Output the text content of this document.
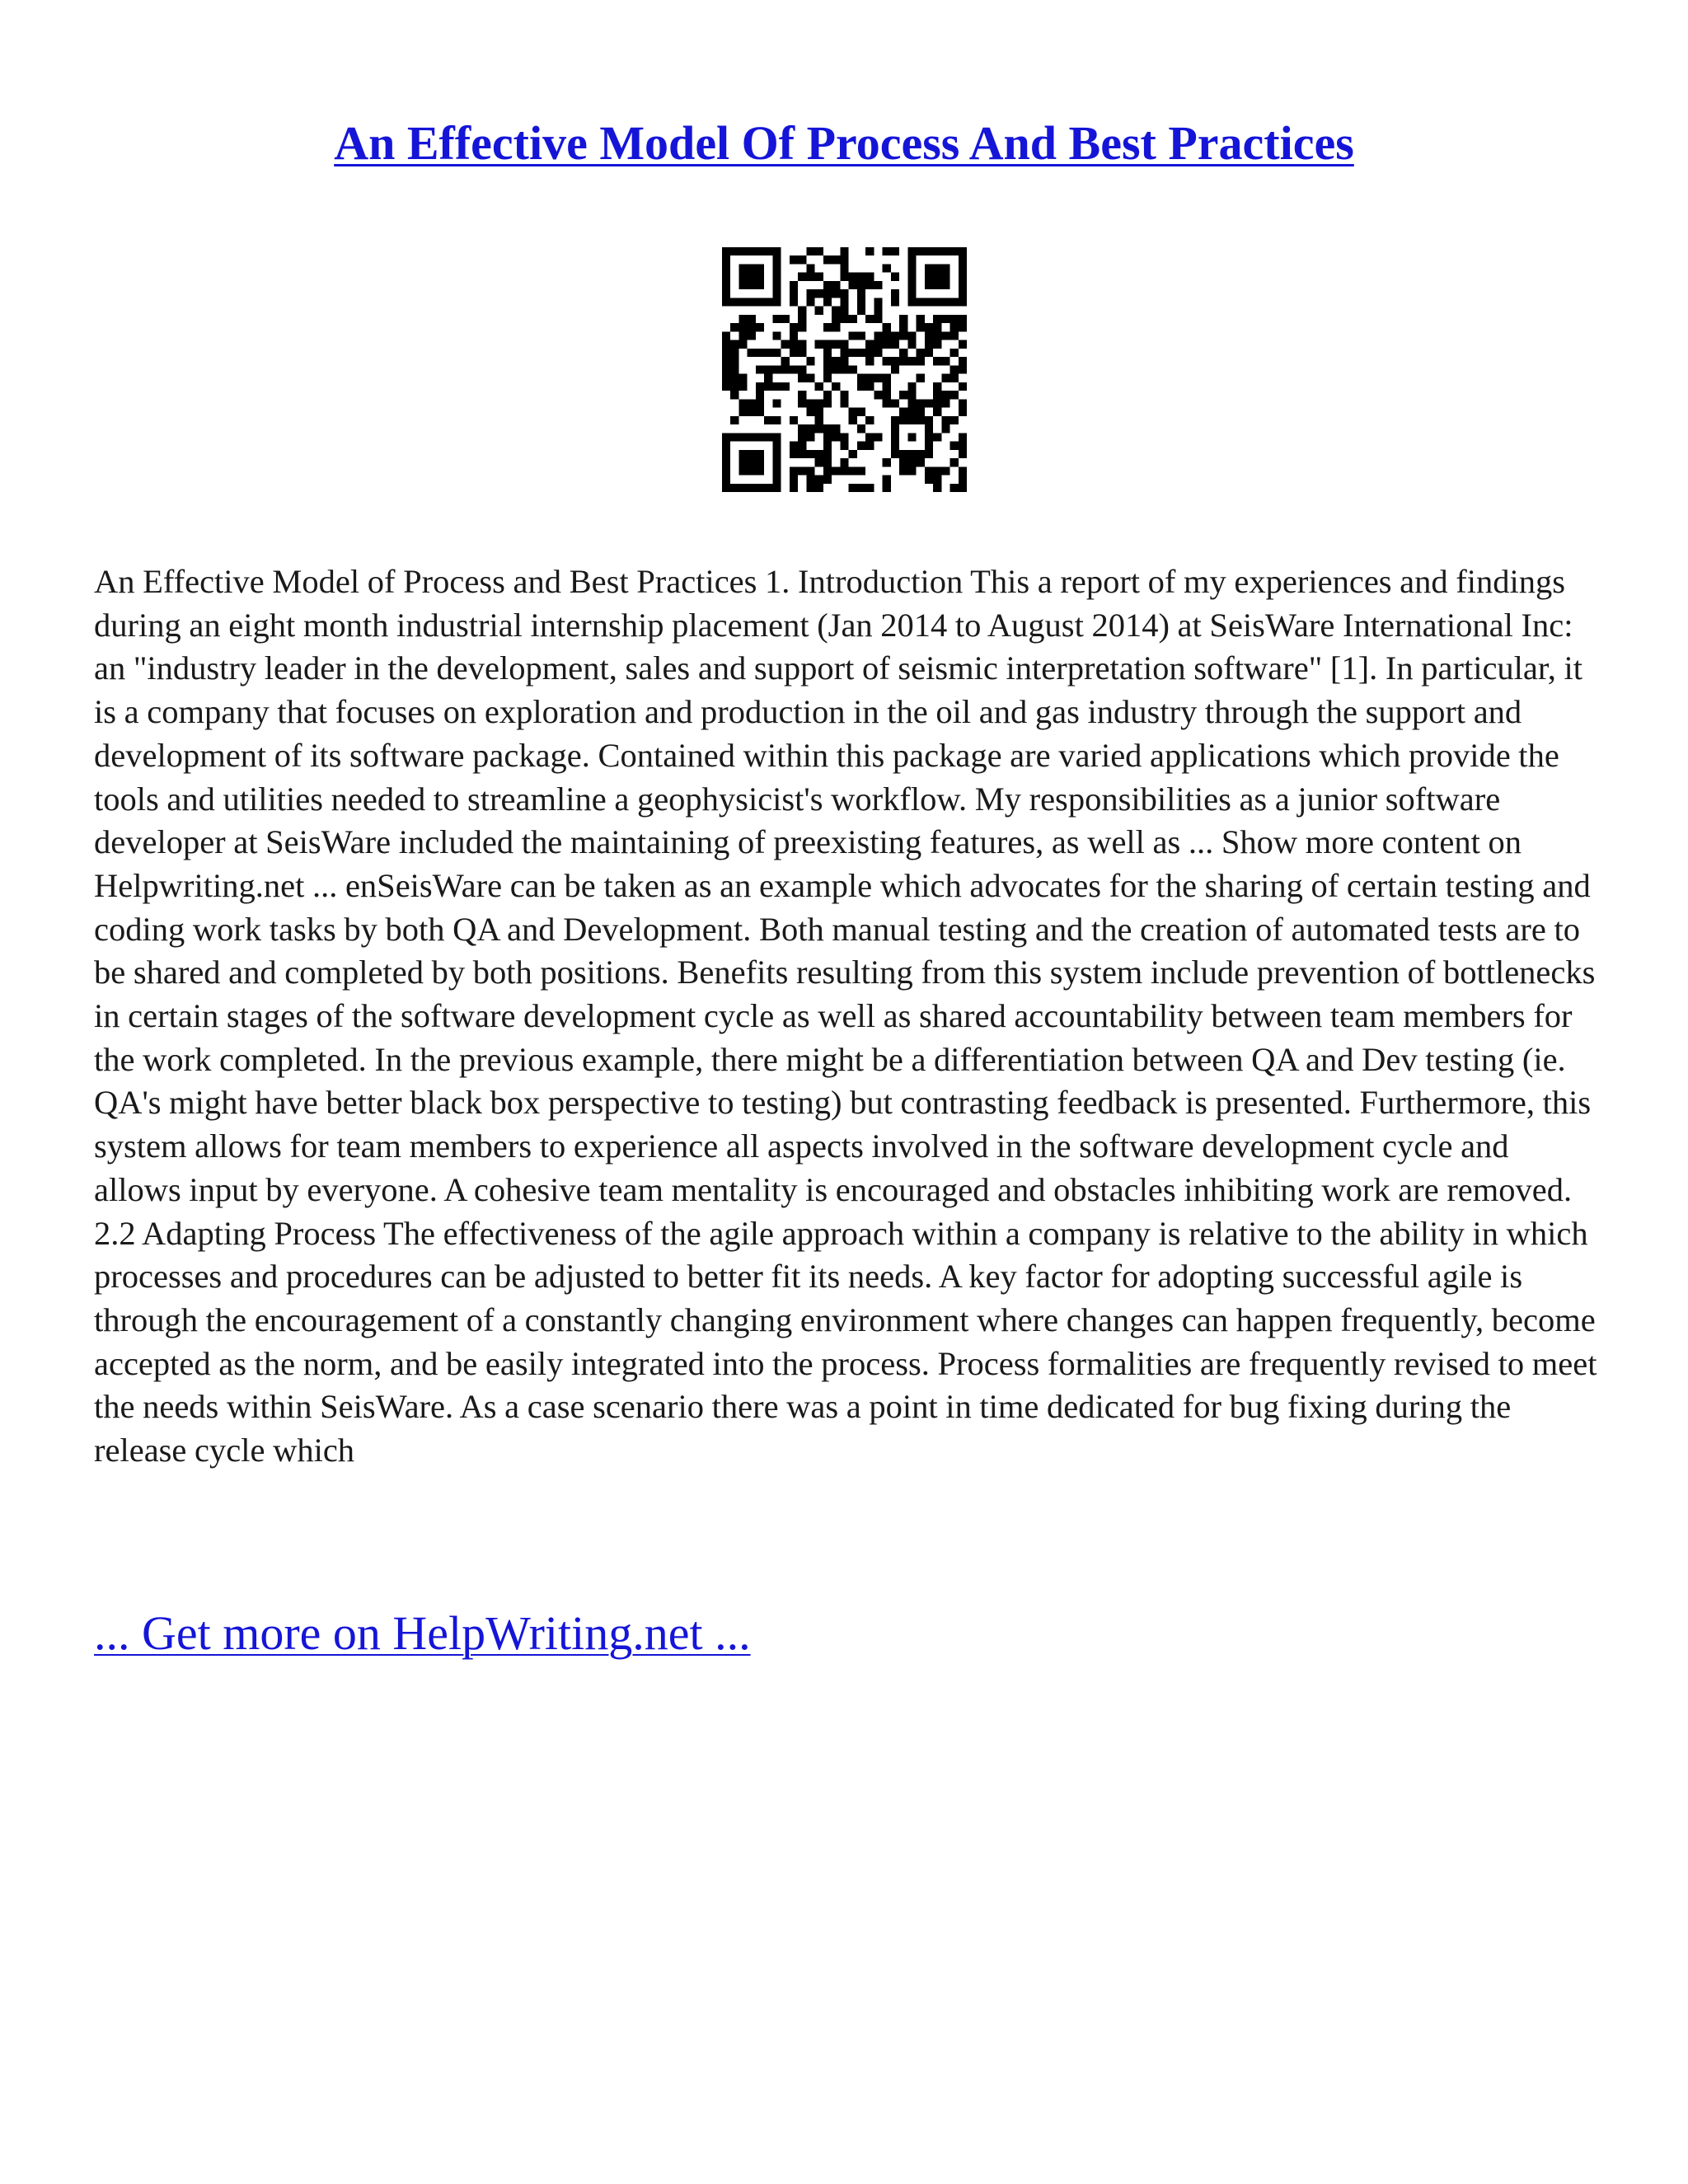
An Effective Model Of Process And Best Practices

An Effective Model of Process and Best Practices 1. Introduction This a report of my experiences and findings during an eight month industrial internship placement (Jan 2014 to August 2014) at SeisWare International Inc: an "industry leader in the development, sales and support of seismic interpretation software" [1]. In particular, it is a company that focuses on exploration and production in the oil and gas industry through the support and development of its software package. Contained within this package are varied applications which provide the tools and utilities needed to streamline a geophysicist's workflow. My responsibilities as a junior software developer at SeisWare included the maintaining of preexisting features, as well as ... Show more content on Helpwriting.net ... enSeisWare can be taken as an example which advocates for the sharing of certain testing and coding work tasks by both QA and Development. Both manual testing and the creation of automated tests are to be shared and completed by both positions. Benefits resulting from this system include prevention of bottlenecks in certain stages of the software development cycle as well as shared accountability between team members for the work completed. In the previous example, there might be a differentiation between QA and Dev testing (ie. QA's might have better black box perspective to testing) but contrasting feedback is presented. Furthermore, this system allows for team members to experience all aspects involved in the software development cycle and allows input by everyone. A cohesive team mentality is encouraged and obstacles inhibiting work are removed. 2.2 Adapting Process The effectiveness of the agile approach within a company is relative to the ability in which processes and procedures can be adjusted to better fit its needs. A key factor for adopting successful agile is through the encouragement of a constantly changing environment where changes can happen frequently, become accepted as the norm, and be easily integrated into the process. Process formalities are frequently revised to meet the needs within SeisWare. As a case scenario there was a point in time dedicated for bug fixing during the release cycle which

... Get more on HelpWriting.net ...
